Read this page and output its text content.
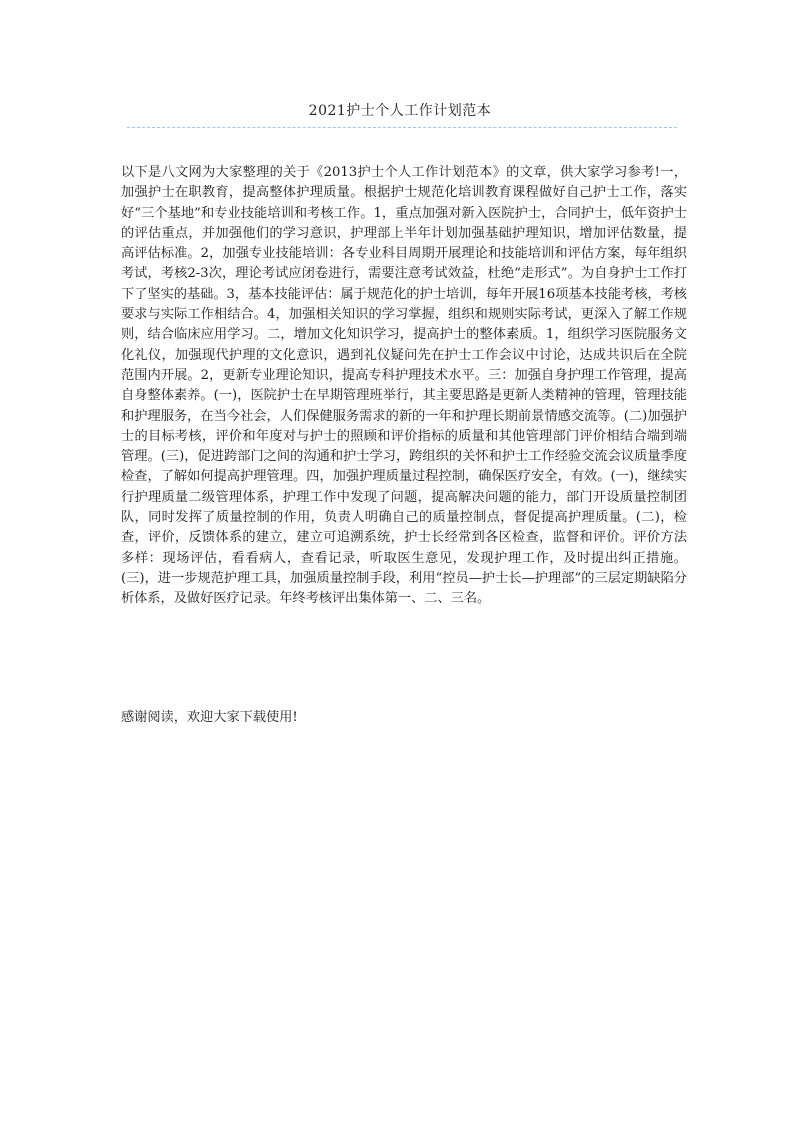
2021护士个人工作计划范本
以下是八文网为大家整理的关于《2013护士个人工作计划范本》的文章，供大家学习参考!一，加强护士在职教育，提高整体护理质量。根据护士规范化培训教育课程做好自己护士工作，落实好“三个基地”和专业技能培训和考核工作。1，重点加强对新入医院护士，合同护士，低年资护士的评估重点，并加强他们的学习意识，护理部上半年计划加强基础护理知识，增加评估数量，提高评估标准。2，加强专业技能培训：各专业科目周期开展理论和技能培训和评估方案，每年组织考试，考核2-3次，理论考试应闭卷进行，需要注意考试效益，杜绝“走形式”。为自身护士工作打下了坚实的基础。3，基本技能评估：属于规范化的护士培训，每年开展16项基本技能考核，考核要求与实际工作相结合。4，加强相关知识的学习掌握，组织和规则实际考试，更深入了解工作规则，结合临床应用学习。二，增加文化知识学习，提高护士的整体素质。1，组织学习医院服务文化礼仪，加强现代护理的文化意识，遇到礼仪疑问先在护士工作会议中讨论，达成共识后在全院范围内开展。2，更新专业理论知识，提高专科护理技术水平。三：加强自身护理工作管理，提高自身整体素养。(一)，医院护士在早期管理班举行，其主要思路是更新人类精神的管理，管理技能和护理服务，在当今社会，人们保健服务需求的新的一年和护理长期前景情感交流等。(二)加强护士的目标考核，评价和年度对与护士的照顾和评价指标的质量和其他管理部门评价相结合端到端管理。(三)，促进跨部门之间的沟通和护士学习，跨组织的关怀和护士工作经验交流会议质量季度检查，了解如何提高护理管理。四，加强护理质量过程控制，确保医疗安全，有效。(一)，继续实行护理质量二级管理体系，护理工作中发现了问题，提高解决问题的能力，部门开设质量控制团队，同时发挥了质量控制的作用，负责人明确自己的质量控制点，督促提高护理质量。(二)，检查，评价，反馈体系的建立，建立可追溯系统，护士长经常到各区检查，监督和评价。评价方法多样：现场评估，看看病人，查看记录，听取医生意见，发现护理工作，及时提出纠正措施。(三)，进一步规范护理工具，加强质量控制手段，利用“控员—护士长—护理部”的三层定期缺陷分析体系，及做好医疗记录。年终考核评出集体第一、二、三名。
感谢阅读，欢迎大家下载使用!
